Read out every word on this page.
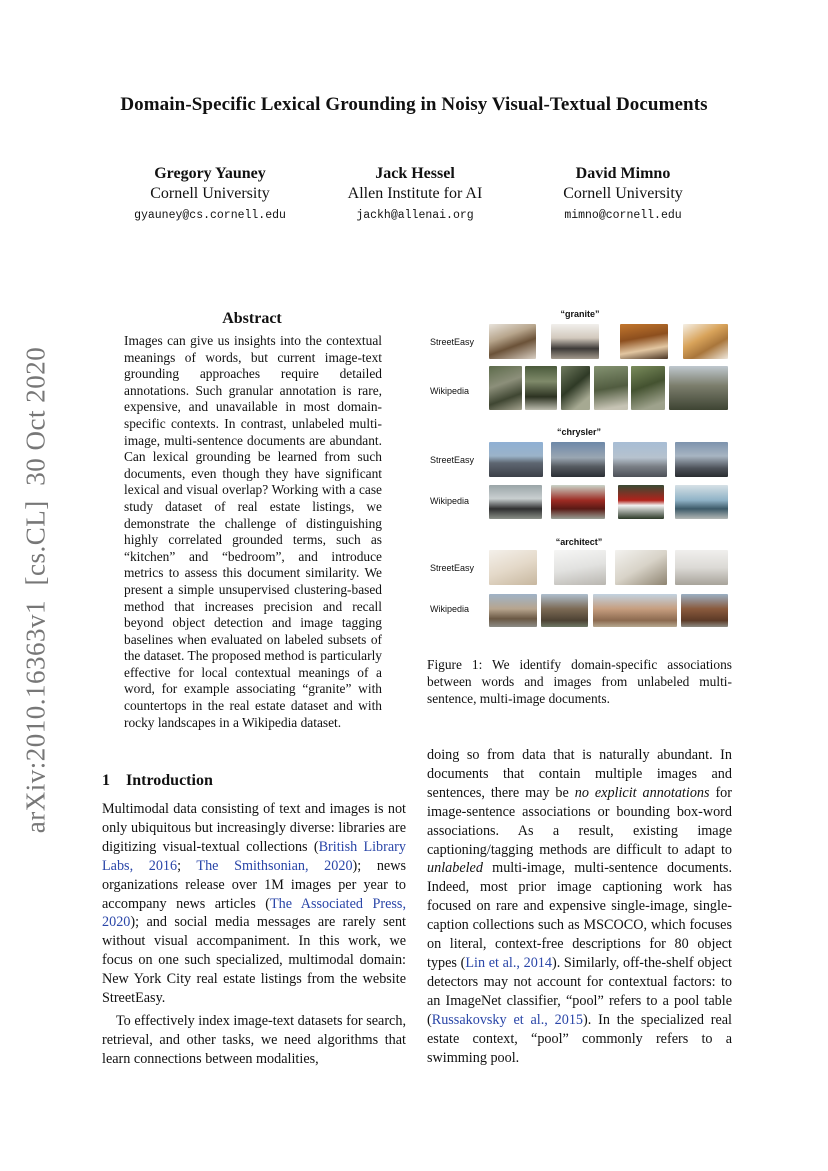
Domain-Specific Lexical Grounding in Noisy Visual-Textual Documents
Gregory Yauney
Cornell University
gyauney@cs.cornell.edu
Jack Hessel
Allen Institute for AI
jackh@allenai.org
David Mimno
Cornell University
mimno@cornell.edu
arXiv:2010.16363v1  [cs.CL]  30 Oct 2020
Abstract
Images can give us insights into the contextual meanings of words, but current image-text grounding approaches require detailed annotations. Such granular annotation is rare, expensive, and unavailable in most domain-specific contexts. In contrast, unlabeled multi-image, multi-sentence documents are abundant. Can lexical grounding be learned from such documents, even though they have significant lexical and visual overlap? Working with a case study dataset of real estate listings, we demonstrate the challenge of distinguishing highly correlated grounded terms, such as “kitchen” and “bedroom”, and introduce metrics to assess this document similarity. We present a simple unsupervised clustering-based method that increases precision and recall beyond object detection and image tagging baselines when evaluated on labeled subsets of the dataset. The proposed method is particularly effective for local contextual meanings of a word, for example associating “granite” with countertops in the real estate dataset and with rocky landscapes in a Wikipedia dataset.
“granite”
StreetEasy
Wikipedia
“chrysler”
StreetEasy
Wikipedia
“architect”
StreetEasy
Wikipedia
Figure 1: We identify domain-specific associations between words and images from unlabeled multi-sentence, multi-image documents.
1 Introduction

Multimodal data consisting of text and images is not only ubiquitous but increasingly diverse: libraries are digitizing visual-textual collections (British Library Labs, 2016; The Smithsonian, 2020); news organizations release over 1M images per year to accompany news articles (The Associated Press, 2020); and social media messages are rarely sent without visual accompaniment. In this work, we focus on one such specialized, multimodal domain: New York City real estate listings from the website StreetEasy.

To effectively index image-text datasets for search, retrieval, and other tasks, we need algorithms that learn connections between modalities,

doing so from data that is naturally abundant. In documents that contain multiple images and sentences, there may be no explicit annotations for image-sentence associations or bounding box-word associations. As a result, existing image captioning/tagging methods are difficult to adapt to unlabeled multi-image, multi-sentence documents. Indeed, most prior image captioning work has focused on rare and expensive single-image, single-caption collections such as MSCOCO, which focuses on literal, context-free descriptions for 80 object types (Lin et al., 2014). Similarly, off-the-shelf object detectors may not account for contextual factors: to an ImageNet classifier, “pool” refers to a pool table (Russakovsky et al., 2015). In the specialized real estate context, “pool” commonly refers to a swimming pool.
